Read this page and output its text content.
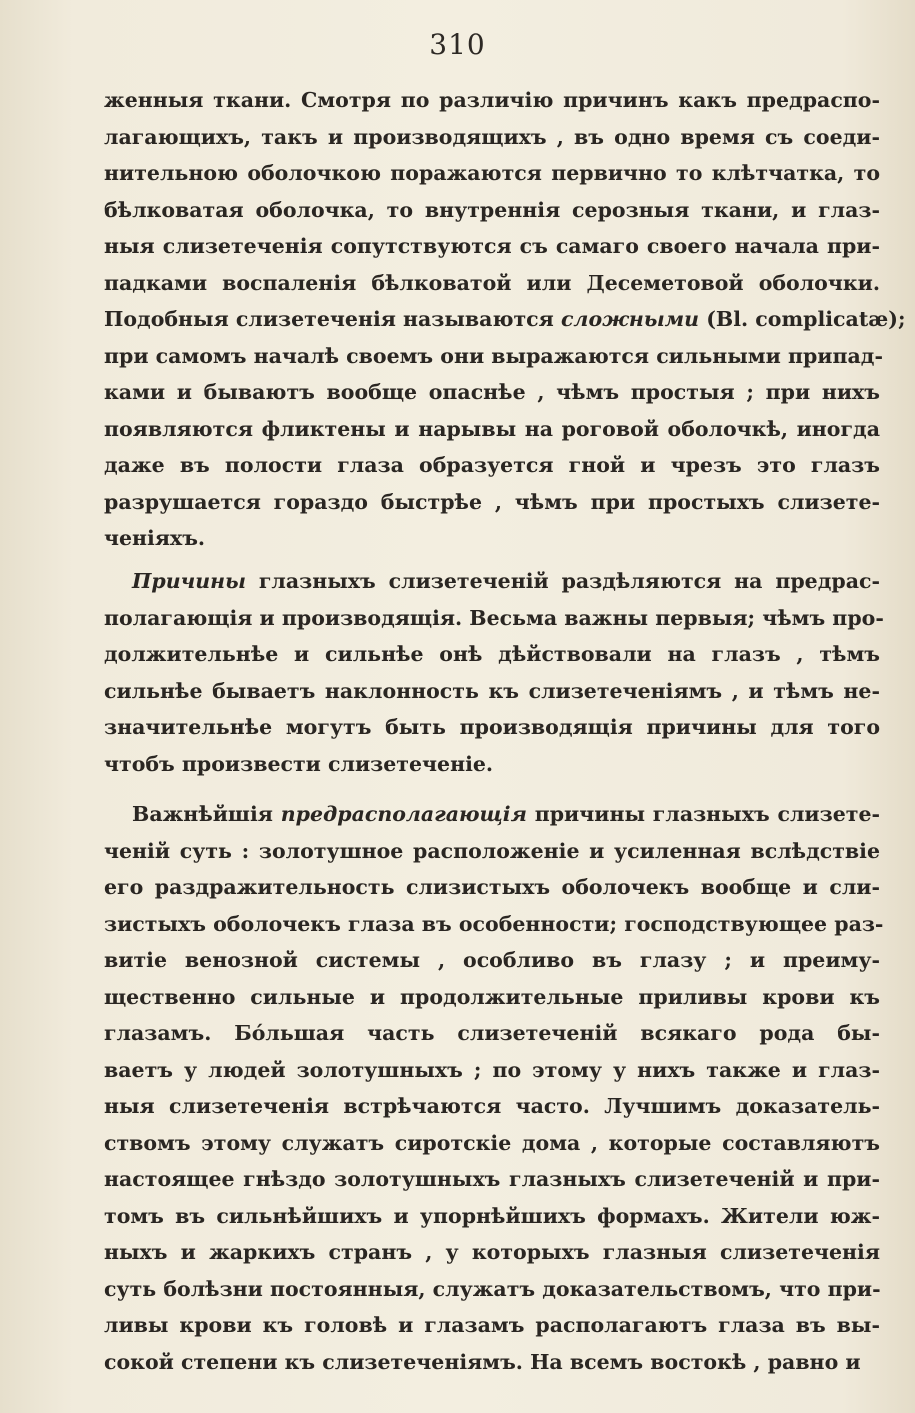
310
женныя ткани. Смотря по различію причинъ какъ предраспо-
лагающихъ, такъ и производящихъ , въ одно время съ соеди-
нительною оболочкою поражаются первично то клѣтчатка, то
бѣлковатая оболочка, то внутреннія серозныя ткани, и глаз-
ныя слизетеченія сопутствуются съ самаго своего начала при-
падками воспаленія бѣлковатой или Десеметовой оболочки.
Подобныя слизетеченія называются сложными (Bl. complicatæ);
при самомъ началѣ своемъ они выражаются сильными припад-
ками и бываютъ вообще опаснѣе , чѣмъ простыя ; при нихъ
появляются фликтены и нарывы на роговой оболочкѣ, иногда
даже въ полости глаза образуется гной и чрезъ это глазъ
разрушается гораздо быстрѣе , чѣмъ при простыхъ слизете-
ченіяхъ.
Причины глазныхъ слизетеченій раздѣляются на предрас-
полагающія и производящія. Весьма важны первыя; чѣмъ про-
должительнѣе и сильнѣе онѣ дѣйствовали на глазъ , тѣмъ
сильнѣе бываетъ наклонность къ слизетеченіямъ , и тѣмъ не-
значительнѣе могутъ быть производящія причины для того
чтобъ произвести слизетеченіе.
Важнѣйшія предрасполагающія причины глазныхъ слизете-
ченій суть : золотушное расположеніе и усиленная вслѣдствіе
его раздражительность слизистыхъ оболочекъ вообще и сли-
зистыхъ оболочекъ глаза въ особенности; господствующее раз-
витіе венозной системы , особливо въ глазу ; и преиму-
щественно сильные и продолжительные приливы крови къ
глазамъ. Бо́льшая часть слизетеченій всякаго рода бы-
ваетъ у людей золотушныхъ ; по этому у нихъ также и глаз-
ныя слизетеченія встрѣчаются часто. Лучшимъ доказатель-
ствомъ этому служатъ сиротскіе дома , которые составляютъ
настоящее гнѣздо золотушныхъ глазныхъ слизетеченій и при-
томъ въ сильнѣйшихъ и упорнѣйшихъ формахъ. Жители юж-
ныхъ и жаркихъ странъ , у которыхъ глазныя слизетеченія
суть болѣзни постоянныя, служатъ доказательствомъ, что при-
ливы крови къ головѣ и глазамъ располагаютъ глаза въ вы-
сокой степени къ слизетеченіямъ. На всемъ востокѣ , равно и
